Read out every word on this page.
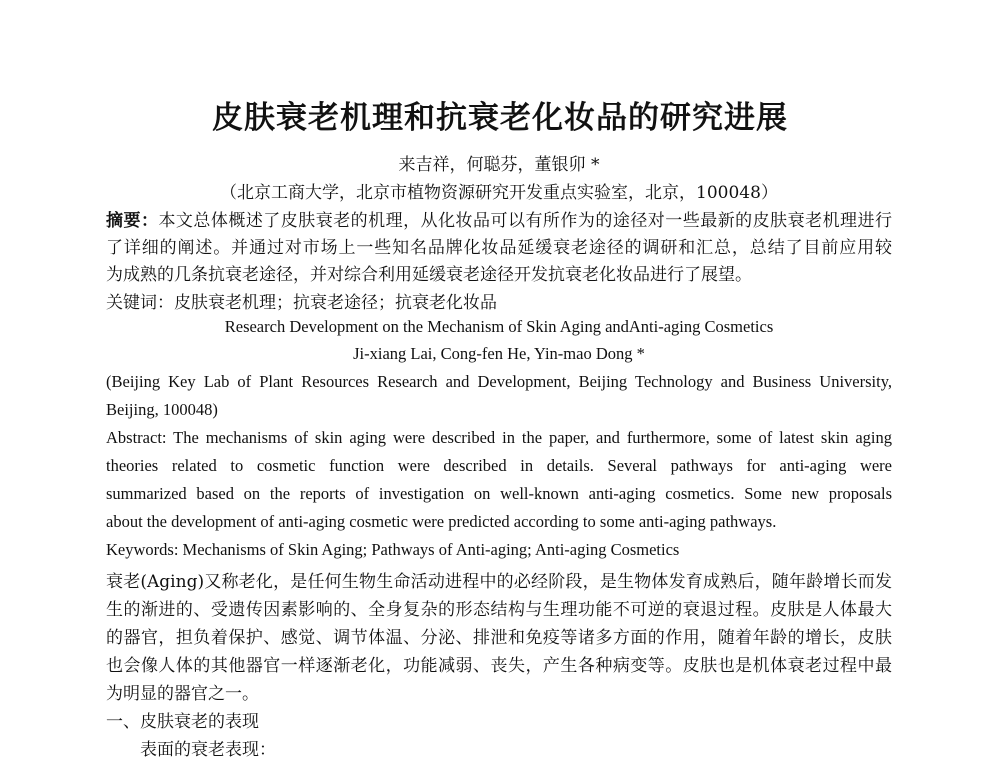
皮肤衰老机理和抗衰老化妆品的研究进展
来吉祥，何聪芬，董银卯 *
（北京工商大学，北京市植物资源研究开发重点实验室，北京，100048）
摘要：本文总体概述了皮肤衰老的机理，从化妆品可以有所作为的途径对一些最新的皮肤衰老机理进行
了详细的阐述。并通过对市场上一些知名品牌化妆品延缓衰老途径的调研和汇总，总结了目前应用较
为成熟的几条抗衰老途径，并对综合利用延缓衰老途径开发抗衰老化妆品进行了展望。
关键词：皮肤衰老机理；抗衰老途径；抗衰老化妆品
Research Development on the Mechanism of Skin Aging andAnti-aging Cosmetics
Ji-xiang Lai, Cong-fen He, Yin-mao Dong *
(Beijing Key Lab of Plant Resources Research and Development, Beijing Technology and Business University,
Beijing, 100048)
Abstract: The mechanisms of skin aging were described in the paper, and furthermore, some of latest skin aging
theories related to cosmetic function were described in details. Several pathways for anti-aging were
summarized based on the reports of investigation on well-known anti-aging cosmetics. Some new proposals
about the development of anti-aging cosmetic were predicted according to some anti-aging pathways.
Keywords: Mechanisms of Skin Aging; Pathways of Anti-aging; Anti-aging Cosmetics
衰老(Aging)又称老化，是任何生物生命活动进程中的必经阶段，是生物体发育成熟后，随年龄增长而发
生的渐进的、受遗传因素影响的、全身复杂的形态结构与生理功能不可逆的衰退过程。皮肤是人体最大
的器官，担负着保护、感觉、调节体温、分泌、排泄和免疫等诸多方面的作用，随着年龄的增长，皮肤
也会像人体的其他器官一样逐渐老化，功能减弱、丧失，产生各种病变等。皮肤也是机体衰老过程中最
为明显的器官之一。
一、皮肤衰老的表现
表面的衰老表现：
